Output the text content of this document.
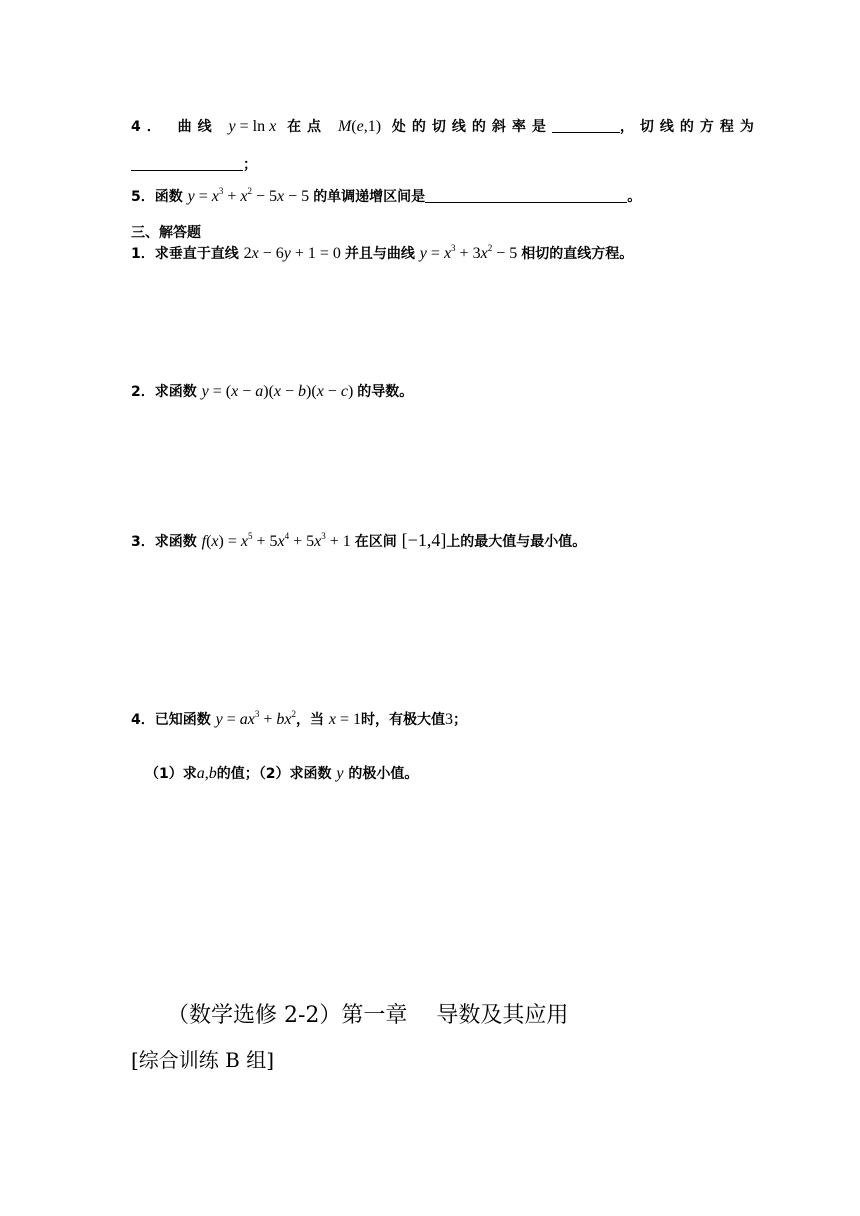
4． 曲线 y = ln x 在点 M(e,1) 处的切线的斜率是	，切线的方程为
；
5．函数 $y = x^3 + x^2 - 5x - 5$ 的单调递增区间是	。
三、解答题
1．求垂直于直线 2x − 6y + 1 = 0 并且与曲线 $y = x^3 + 3x^2 - 5$ 相切的直线方程。
2．求函数 y = (x − a)(x − b)(x − c) 的导数。
3．求函数 $f(x) = x^5 + 5x^4 + 5x^3 + 1$ 在区间 [−1,4]上的最大值与最小值。
4．已知函数 $y = ax^3 + bx^2$，当 x = 1时，有极大值3；
（1）求a,b的值；（2）求函数 y 的极小值。
（数学选修 2-2）第一章　 导数及其应用
[综合训练 B 组]
